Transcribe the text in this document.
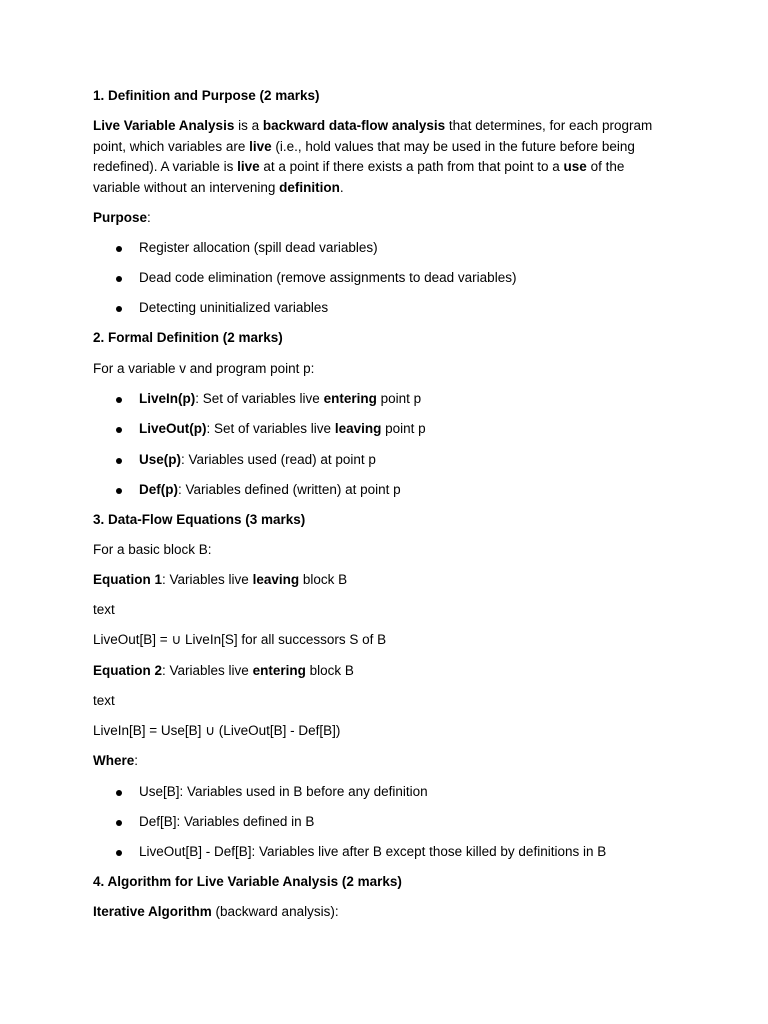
1. Definition and Purpose (2 marks)
Live Variable Analysis is a backward data-flow analysis that determines, for each program point, which variables are live (i.e., hold values that may be used in the future before being redefined). A variable is live at a point if there exists a path from that point to a use of the variable without an intervening definition.
Purpose:
Register allocation (spill dead variables)
Dead code elimination (remove assignments to dead variables)
Detecting uninitialized variables
2. Formal Definition (2 marks)
For a variable v and program point p:
LiveIn(p): Set of variables live entering point p
LiveOut(p): Set of variables live leaving point p
Use(p): Variables used (read) at point p
Def(p): Variables defined (written) at point p
3. Data-Flow Equations (3 marks)
For a basic block B:
Equation 1: Variables live leaving block B
text
LiveOut[B] = ∪ LiveIn[S] for all successors S of B
Equation 2: Variables live entering block B
text
LiveIn[B] = Use[B] ∪ (LiveOut[B] - Def[B])
Where:
Use[B]: Variables used in B before any definition
Def[B]: Variables defined in B
LiveOut[B] - Def[B]: Variables live after B except those killed by definitions in B
4. Algorithm for Live Variable Analysis (2 marks)
Iterative Algorithm (backward analysis):
